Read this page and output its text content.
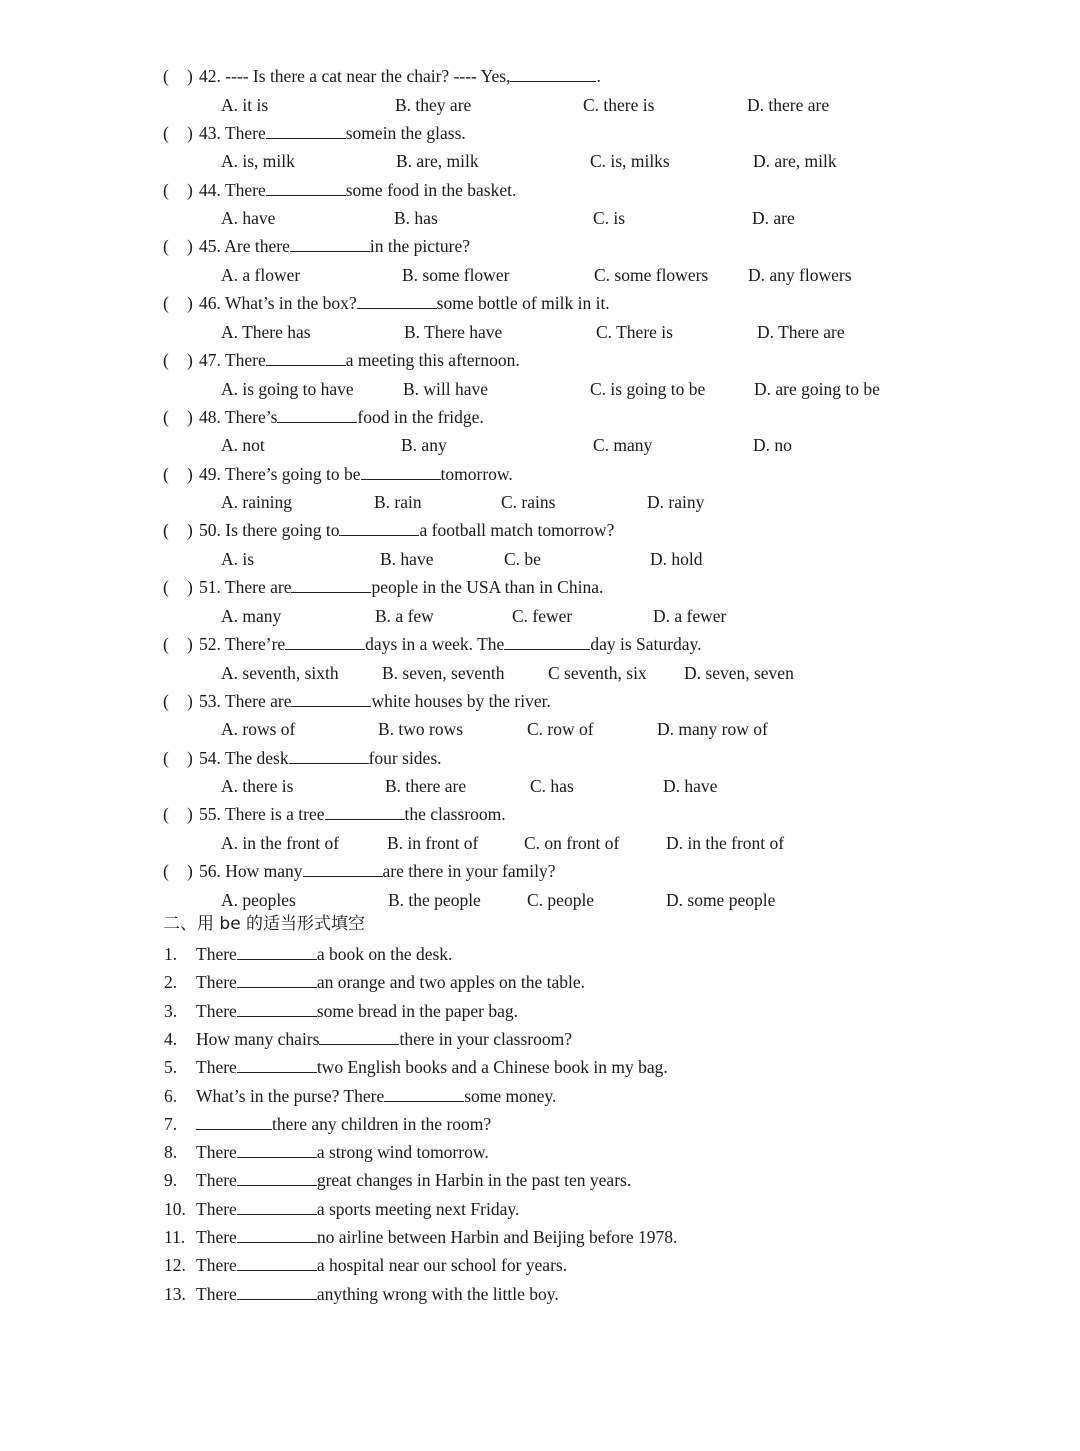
( ) 42. ---- Is there a cat near the chair? ---- Yes,	.
A. it is	B. they are	C. there is	D. there are
( ) 43. There	somein the glass.
A. is, milk	B. are, milk	C. is, milks	D. are, milk
( ) 44. There	some food in the basket.
A. have	B. has	C. is	D. are
( ) 45. Are there	in the picture?
A. a flower	B. some flower	C. some flowers D. any flowers
( ) 46. What’s in the box?	some bottle of milk in it.
A. There has	B. There have	C. There is	D. There are
( ) 47. There	a meeting this afternoon.
A. is going to have	B. will have	C. is going to be	D. are going to be
( ) 48. There’s	food in the fridge.
A. not	B. any	C. many	D. no
( ) 49. There’s going to be	tomorrow.
A. raining	B. rain	C. rains	D. rainy
( ) 50. Is there going to	a football match tomorrow?
A. is	B. have	C. be	D. hold
( ) 51. There are	people in the USA than in China.
A. many	B. a few	C. fewer	D. a fewer
( ) 52. There’re	days in a week. The	day is Saturday.
A. seventh, sixth B. seven, seventh C seventh, six D. seven, seven
( ) 53. There are	white houses by the river.
A. rows of	B. two rows	C. row of	D. many row of
( ) 54. The desk	four sides.
A. there is	B. there are	C. has	D. have
( ) 55. There is a tree	the classroom.
A. in the front of	B. in front of	C. on front of	D. in the front of
( ) 56. How many	are there in your family?
A. peoples	B. the people	C. people	D. some people
二、用 be 的适当形式填空
1. There	a book on the desk.
2. There	an orange and two apples on the table.
3. There	some bread in the paper bag.
4. How many chairs	there in your classroom?
5. There	two English books and a Chinese book in my bag.
6. What’s in the purse? There	some money.
7.	there any children in the room?
8. There	a strong wind tomorrow.
9. There	great changes in Harbin in the past ten years.
10. There	a sports meeting next Friday.
11. There	no airline between Harbin and Beijing before 1978.
12. There	a hospital near our school for years.
13. There	anything wrong with the little boy.
